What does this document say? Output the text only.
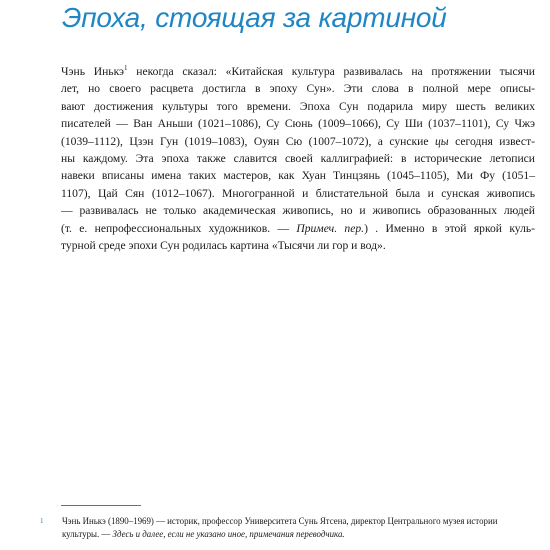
Эпоха, стоящая за картиной
Чэнь Инькэ$^1$ некогда сказал: «Китайская культура развивалась на протяжении тысячи
лет, но своего расцвета достигла в эпоху Сун». Эти слова в полной мере описы-
вают достижения культуры того времени. Эпоха Сун подарила миру шесть великих
писателей — Ван Аньши (1021–1086), Су Сюнь (1009–1066), Су Ши (1037–1101), Су Чжэ
(1039–1112), Цзэн Гун (1019–1083), Оуян Сю (1007–1072), а сунские цы сегодня извест-
ны каждому. Эта эпоха также славится своей каллиграфией: в исторические летописи
навеки вписаны имена таких мастеров, как Хуан Тинцзянь (1045–1105), Ми Фу (1051–
1107), Цай Сян (1012–1067). Многогранной и блистательной была и сунская живопись
— развивалась не только академическая живопись, но и живопись образованных людей
(т. е. непрофессиональных художников. — Примеч. пер.) . Именно в этой яркой куль-
турной среде эпохи Сун родилась картина «Тысячи ли гор и вод».
1 Чэнь Инькэ (1890–1969) — историк, профессор Университета Сунь Ятсена, директор Центрального музея истории
культуры. — Здесь и далее, если не указано иное, примечания переводчика.
